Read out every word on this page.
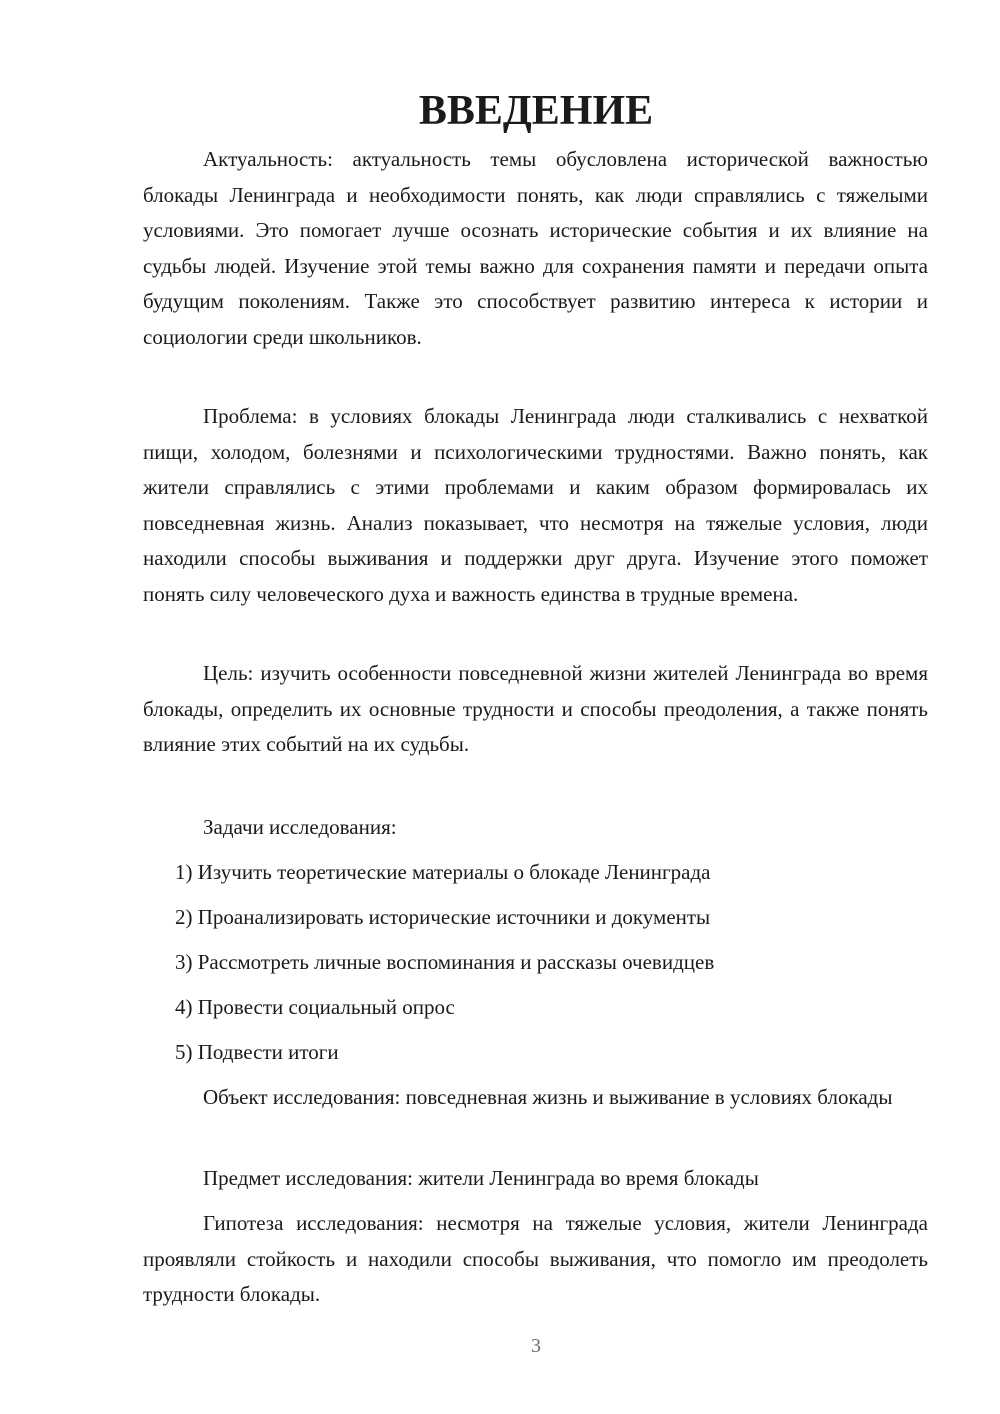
ВВЕДЕНИЕ

Актуальность: актуальность темы обусловлена исторической важностью блокады Ленинграда и необходимости понять, как люди справлялись с тяжелыми условиями. Это помогает лучше осознать исторические события и их влияние на судьбы людей. Изучение этой темы важно для сохранения памяти и передачи опыта будущим поколениям. Также это способствует развитию интереса к истории и социологии среди школьников.

Проблема: в условиях блокады Ленинграда люди сталкивались с нехваткой пищи, холодом, болезнями и психологическими трудностями. Важно понять, как жители справлялись с этими проблемами и каким образом формировалась их повседневная жизнь. Анализ показывает, что несмотря на тяжелые условия, люди находили способы выживания и поддержки друг друга. Изучение этого поможет понять силу человеческого духа и важность единства в трудные времена.

Цель: изучить особенности повседневной жизни жителей Ленинграда во время блокады, определить их основные трудности и способы преодоления, а также понять влияние этих событий на их судьбы.

Задачи исследования:

1) Изучить теоретические материалы о блокаде Ленинграда

2) Проанализировать исторические источники и документы

3) Рассмотреть личные воспоминания и рассказы очевидцев

4) Провести социальный опрос

5) Подвести итоги

Объект исследования: повседневная жизнь и выживание в условиях блокады

Предмет исследования: жители Ленинграда во время блокады

Гипотеза исследования: несмотря на тяжелые условия, жители Ленинграда проявляли стойкость и находили способы выживания, что помогло им преодолеть трудности блокады.

3
